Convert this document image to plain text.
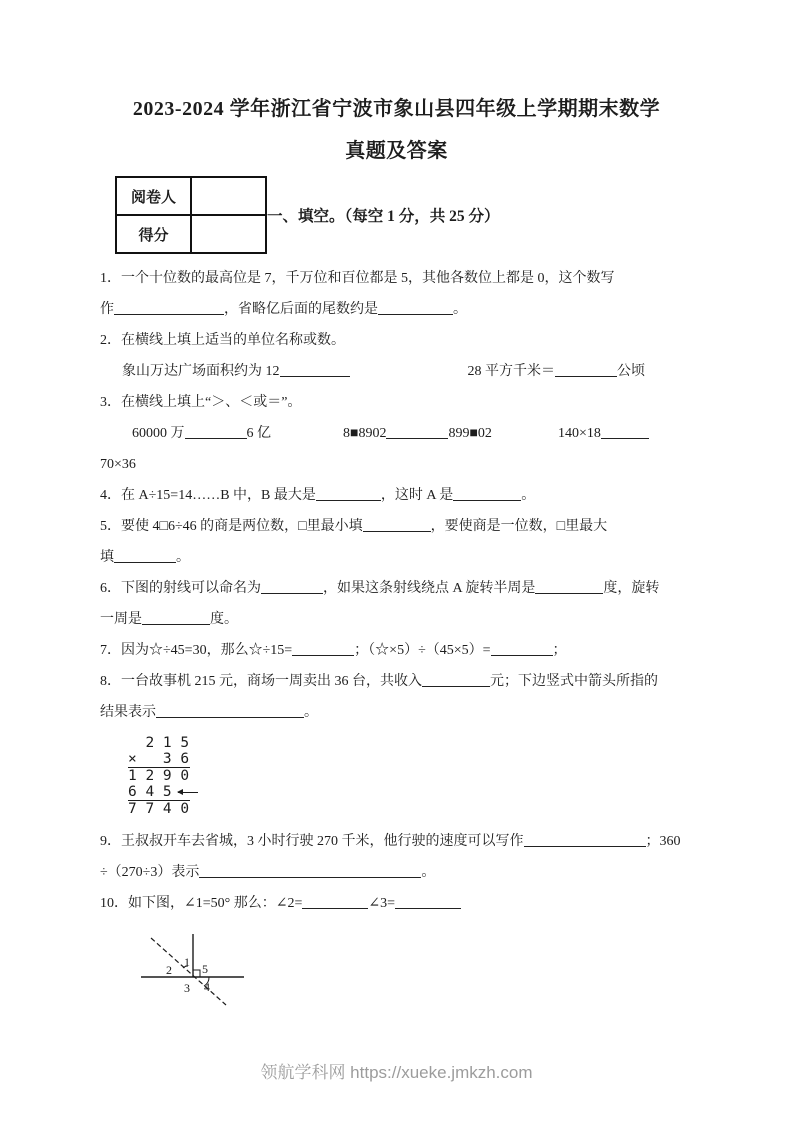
2023-2024 学年浙江省宁波市象山县四年级上学期期末数学
真题及答案
阅卷人	
得分	
一、填空。（每空 1 分，共 25 分）
1．一个十位数的最高位是 7，千万位和百位都是 5，其他各数位上都是 0，这个数写
作	，省略亿后面的尾数约是	。
2．在横线上填上适当的单位名称或数。
象山万达广场面积约为 12	28 平方千米＝	公顷
3．在横线上填上“＞、＜或＝”。
60000 万	6 亿	8■8902	899■02	140×18
70×36
4．在 A÷15=14……B 中，B 最大是	，这时 A 是	。
5．要使 4□6÷46 的商是两位数，□里最小填	，要使商是一位数，□里最大
填	。
6．下图的射线可以命名为	，如果这条射线绕点 A 旋转半周是	度，旋转
一周是	度。
7．因为☆÷45=30，那么☆÷15=	；（☆×5）÷（45×5）=	；
8．一台故事机 215 元，商场一周卖出 36 台，共收入	元；下边竖式中箭头所指的
结果表示	。
2 1 5
×   3 6
1 2 9 0
6 4 5
7 7 4 0
9．王叔叔开车去省城，3 小时行驶 270 千米，他行驶的速度可以写作	；360
÷（270÷3）表示	。
10．如下图，∠1=50° 那么：∠2=	∠3=
1
2
3 4
5
领航学科网 https://xueke.jmkzh.com
